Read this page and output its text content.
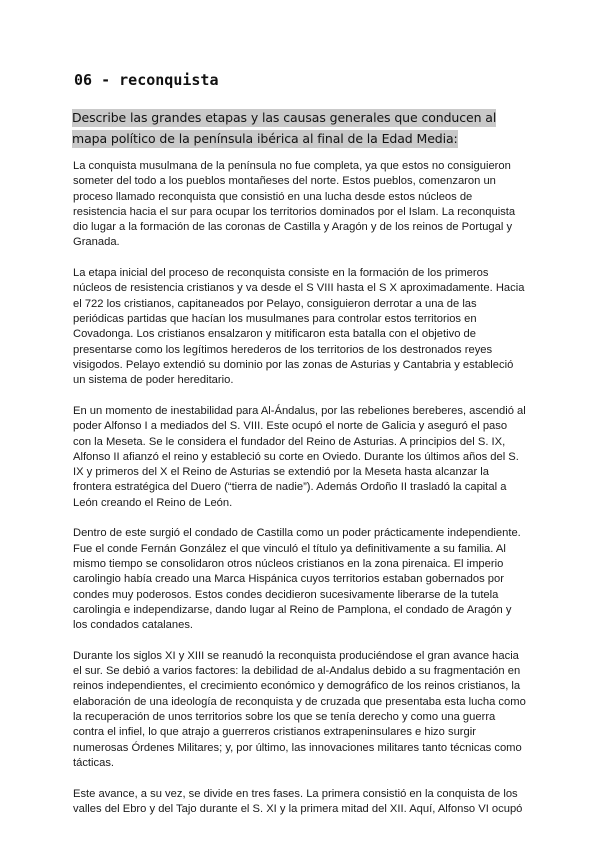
06 - reconquista
Describe las grandes etapas y las causas generales que conducen al mapa político de la península ibérica al final de la Edad Media:

La conquista musulmana de la península no fue completa, ya que estos no consiguieron someter del todo a los pueblos montañeses del norte. Estos pueblos, comenzaron un proceso llamado reconquista que consistió en una lucha desde estos núcleos de resistencia hacia el sur para ocupar los territorios dominados por el Islam. La reconquista dio lugar a la formación de las coronas de Castilla y Aragón y de los reinos de Portugal y Granada.

La etapa inicial del proceso de reconquista consiste en la formación de los primeros núcleos de resistencia cristianos y va desde el S VIII hasta el S X aproximadamente. Hacia el 722 los cristianos, capitaneados por Pelayo, consiguieron derrotar a una de las periódicas partidas que hacían los musulmanes para controlar estos territorios en Covadonga. Los cristianos ensalzaron y mitificaron esta batalla con el objetivo de presentarse como los legítimos herederos de los territorios de los destronados reyes visigodos. Pelayo extendió su dominio por las zonas de Asturias y Cantabria y estableció un sistema de poder hereditario.

En un momento de inestabilidad para Al-Ándalus, por las rebeliones bereberes, ascendió al poder Alfonso I a mediados del S. VIII. Este ocupó el norte de Galicia y aseguró el paso con la Meseta. Se le considera el fundador del Reino de Asturias. A principios del S. IX, Alfonso II afianzó el reino y estableció su corte en Oviedo. Durante los últimos años del S. IX y primeros del X el Reino de Asturias se extendió por la Meseta hasta alcanzar la frontera estratégica del Duero (“tierra de nadie”). Además Ordoño II trasladó la capital a León creando el Reino de León.

Dentro de este surgió el condado de Castilla como un poder prácticamente independiente. Fue el conde Fernán González el que vinculó el título ya definitivamente a su familia. Al mismo tiempo se consolidaron otros núcleos cristianos en la zona pirenaica. El imperio carolingio había creado una Marca Hispánica cuyos territorios estaban gobernados por condes muy poderosos. Estos condes decidieron sucesivamente liberarse de la tutela carolingia e independizarse, dando lugar al Reino de Pamplona, el condado de Aragón y los condados catalanes.

Durante los siglos XI y XIII se reanudó la reconquista produciéndose el gran avance hacia el sur. Se debió a varios factores: la debilidad de al-Andalus debido a su fragmentación en reinos independientes, el crecimiento económico y demográfico de los reinos cristianos, la elaboración de una ideología de reconquista y de cruzada que presentaba esta lucha como la recuperación de unos territorios sobre los que se tenía derecho y como una guerra contra el infiel, lo que atrajo a guerreros cristianos extrapeninsulares e hizo surgir numerosas Órdenes Militares; y, por último, las innovaciones militares tanto técnicas como tácticas.

Este avance, a su vez, se divide en tres fases. La primera consistió en la conquista de los valles del Ebro y del Tajo durante el S. XI y la primera mitad del XII. Aquí, Alfonso VI ocupó
